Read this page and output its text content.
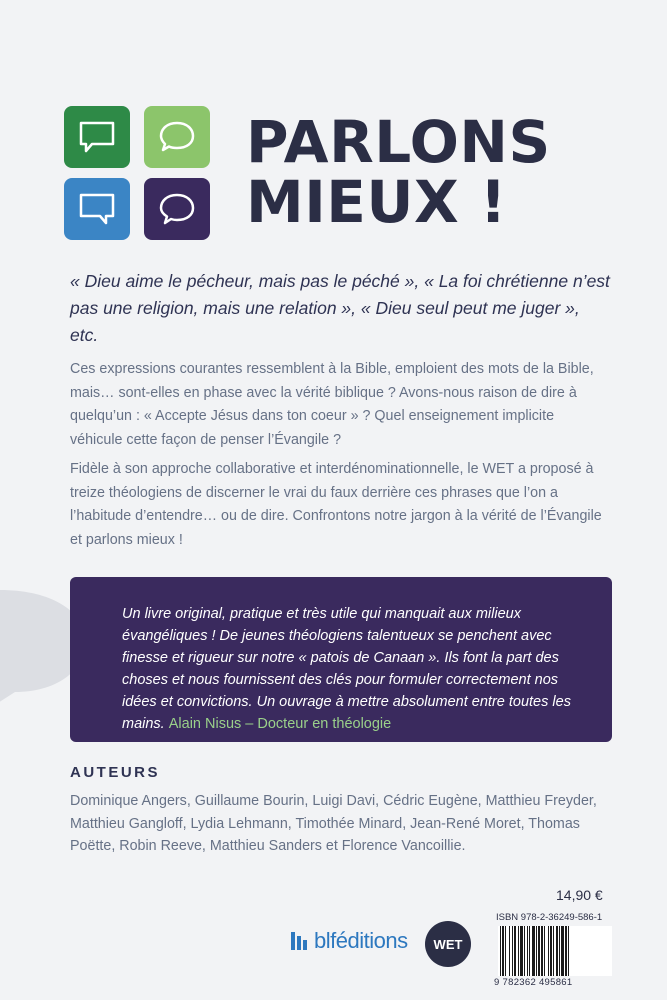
PARLONS
MIEUX !

« Dieu aime le pécheur, mais pas le péché », « La foi chrétienne n’est pas une religion, mais une relation », « Dieu seul peut me juger », etc.

Ces expressions courantes ressemblent à la Bible, emploient des mots de la Bible, mais… sont-elles en phase avec la vérité biblique ? Avons-nous raison de dire à quelqu’un : « Accepte Jésus dans ton coeur » ? Quel enseignement implicite véhicule cette façon de penser l’Évangile ?

Fidèle à son approche collaborative et interdénominationnelle, le WET a proposé à treize théologiens de discerner le vrai du faux derrière ces phrases que l’on a l’habitude d’entendre… ou de dire. Confrontons notre jargon à la vérité de l’Évangile et parlons mieux !

Un livre original, pratique et très utile qui manquait aux milieux évangéliques ! De jeunes théologiens talentueux se penchent avec finesse et rigueur sur notre « patois de Canaan ». Ils font la part des choses et nous fournissent des clés pour formuler correctement nos idées et convictions. Un ouvrage à mettre absolument entre toutes les mains. Alain Nisus – Docteur en théologie

AUTEURS

Dominique Angers, Guillaume Bourin, Luigi Davi, Cédric Eugène, Matthieu Freyder, Matthieu Gangloff, Lydia Lehmann, Timothée Minard, Jean-René Moret, Thomas Poëtte, Robin Reeve, Matthieu Sanders et Florence Vancoillie.

blféditions	WET
14,90 €
ISBN 978-2-36249-586-1
9 782362 495861
